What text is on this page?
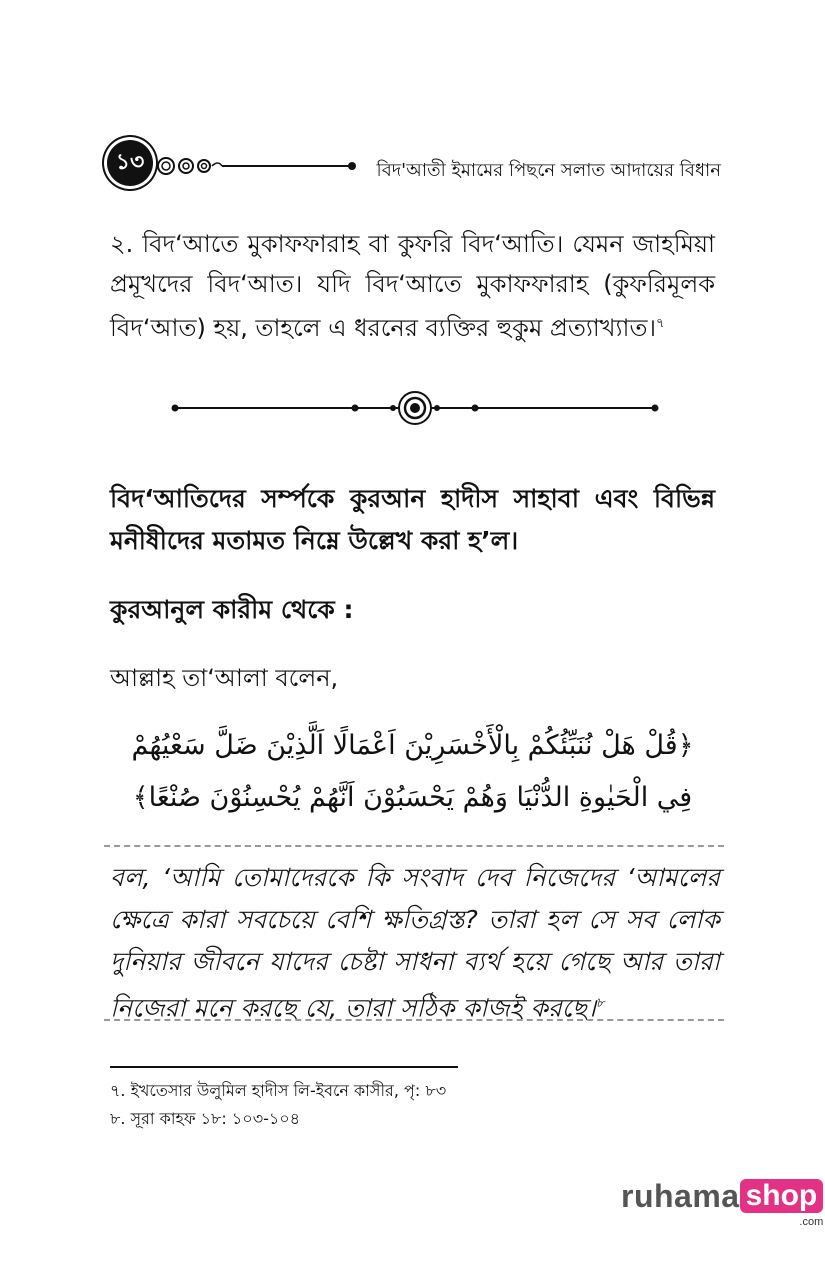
১৩	বিদ'আতী ইমামের পিছনে সলাত আদায়ের বিধান
২. বিদ‘আতে মুকাফফারাহ বা কুফরি বিদ‘আতি। যেমন জাহমিয়া প্রমূখদের বিদ‘আত। যদি বিদ‘আতে মুকাফফারাহ (কুফরিমূলক বিদ‘আত) হয়, তাহলে এ ধরনের ব্যক্তির হুকুম প্রত্যাখ্যাত।$^৭$
বিদ‘আতিদের সর্ম্পকে কুরআন হাদীস সাহাবা এবং বিভিন্ন মনীষীদের মতামত নিম্নে উল্লেখ করা হ’ল।
কুরআনুল কারীম থেকে :
আল্লাহ তা‘আলা বলেন,
﴿قُلْ هَلْ نُنَبِّئُكُمْ بِالْأَخْسَرِيْنَ اَعْمَالًا اَلَّذِيْنَ ضَلَّ سَعْيُهُمْ
فِي الْحَيٰوةِ الدُّنْيَا وَهُمْ يَحْسَبُوْنَ اَنَّهُمْ يُحْسِنُوْنَ صُنْعًا﴾
বল, ‘আমি তোমাদেরকে কি সংবাদ দেব নিজেদের ‘আমলের ক্ষেত্রে কারা সবচেয়ে বেশি ক্ষতিগ্রস্ত? তারা হল সে সব লোক দুনিয়ার জীবনে যাদের চেষ্টা সাধনা ব্যর্থ হয়ে গেছে আর তারা নিজেরা মনে করছে যে, তারা সঠিক কাজই করছে।$^৮$
৭. ইখতেসার উলুমিল হাদীস লি-ইবনে কাসীর, পৃ: ৮৩
৮. সূরা কাহফ ১৮: ১০৩-১০৪
ruhama shop
.com
